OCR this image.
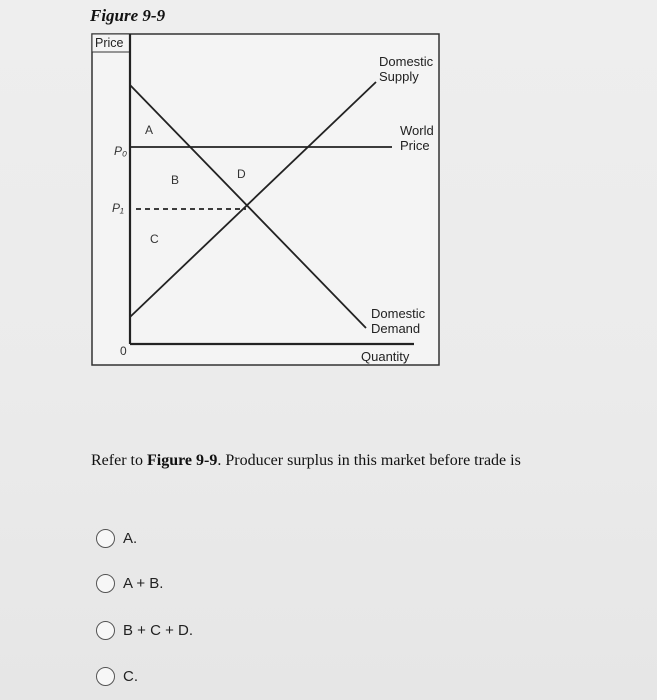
Figure 9-9
Price
P₀
P₁
0
A
B
C
D
Domestic
Supply
World
Price
Domestic
Demand
Quantity
Refer to Figure 9-9. Producer surplus in this market before trade is
A.
A + B.
B + C + D.
C.
